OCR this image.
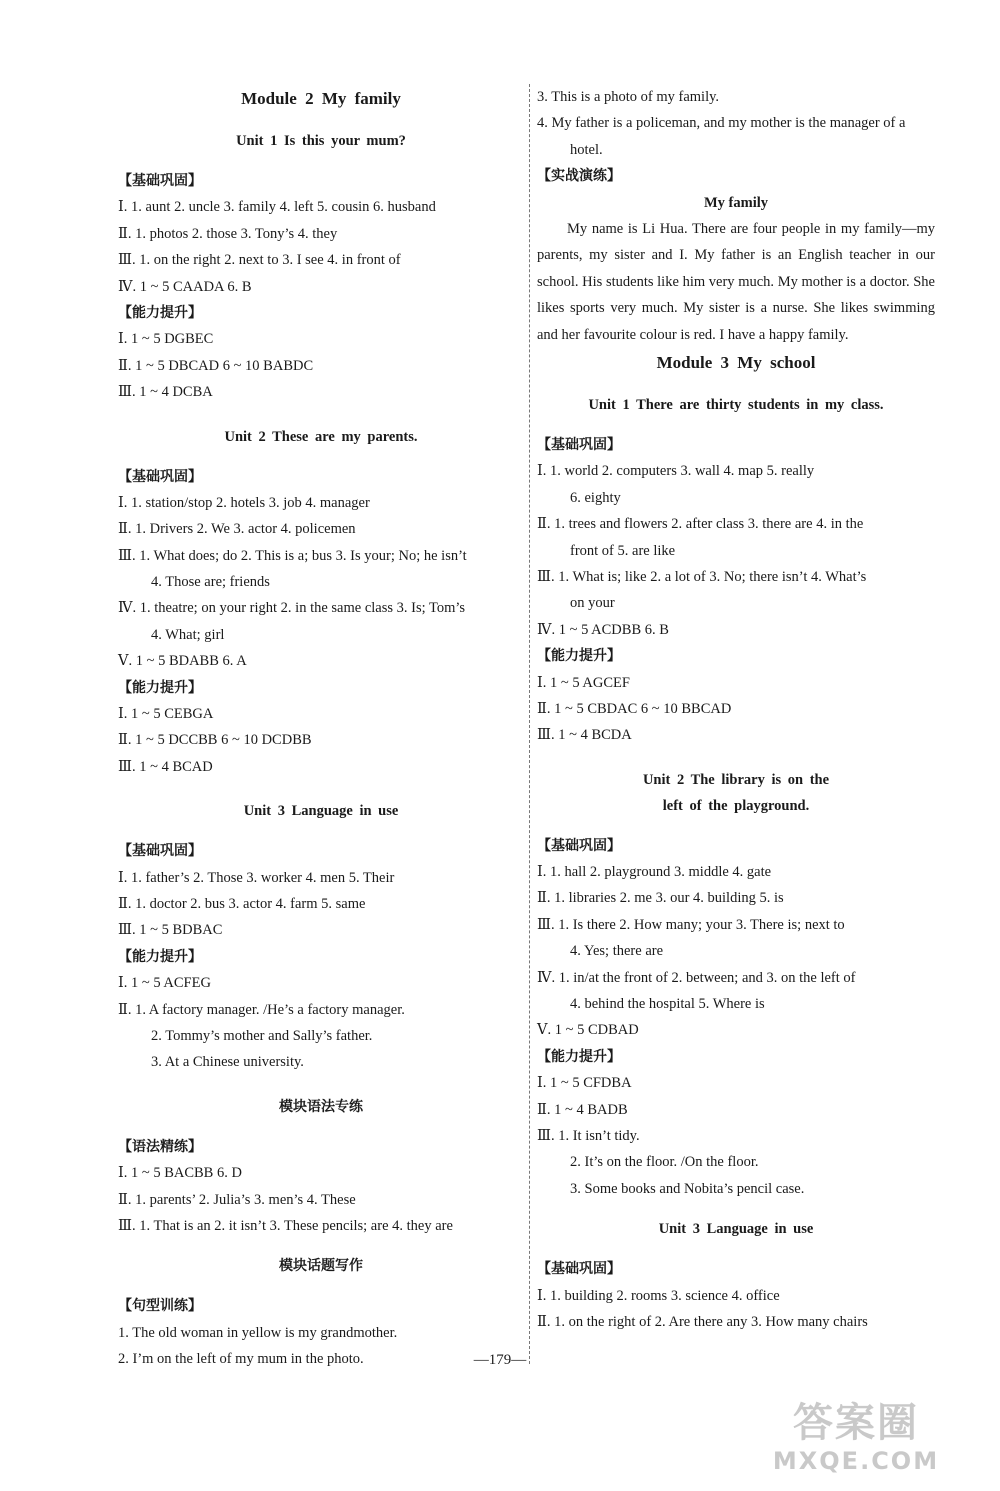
Module 2 My family
Unit 1 Is this your mum?
【基础巩固】
Ⅰ. 1. aunt 2. uncle 3. family 4. left 5. cousin 6. husband
Ⅱ. 1. photos 2. those 3. Tony’s 4. they
Ⅲ. 1. on the right 2. next to 3. I see 4. in front of
Ⅳ. 1 ~ 5 CAADA 6. B
【能力提升】
Ⅰ. 1 ~ 5 DGBEC
Ⅱ. 1 ~ 5 DBCAD 6 ~ 10 BABDC
Ⅲ. 1 ~ 4 DCBA
Unit 2 These are my parents.
【基础巩固】
Ⅰ. 1. station/stop 2. hotels 3. job 4. manager
Ⅱ. 1. Drivers 2. We 3. actor 4. policemen
Ⅲ. 1. What does; do 2. This is a; bus 3. Is your; No; he isn’t
4. Those are; friends
Ⅳ. 1. theatre; on your right 2. in the same class 3. Is; Tom’s
4. What; girl
Ⅴ. 1 ~ 5 BDABB 6. A
【能力提升】
Ⅰ. 1 ~ 5 CEBGA
Ⅱ. 1 ~ 5 DCCBB 6 ~ 10 DCDBB
Ⅲ. 1 ~ 4 BCAD
Unit 3 Language in use
【基础巩固】
Ⅰ. 1. father’s 2. Those 3. worker 4. men 5. Their
Ⅱ. 1. doctor 2. bus 3. actor 4. farm 5. same
Ⅲ. 1 ~ 5 BDBAC
【能力提升】
Ⅰ. 1 ~ 5 ACFEG
Ⅱ. 1. A factory manager. /He’s a factory manager.
2. Tommy’s mother and Sally’s father.
3. At a Chinese university.
模块语法专练
【语法精练】
Ⅰ. 1 ~ 5 BACBB 6. D
Ⅱ. 1. parents’ 2. Julia’s 3. men’s 4. These
Ⅲ. 1. That is an 2. it isn’t 3. These pencils; are 4. they are
模块话题写作
【句型训练】
1. The old woman in yellow is my grandmother.
2. I’m on the left of my mum in the photo.
3. This is a photo of my family.
4. My father is a policeman, and my mother is the manager of a
hotel.
【实战演练】
My family

My name is Li Hua. There are four people in my family—my parents, my sister and I. My father is an English teacher in our school. His students like him very much. My mother is a doctor. She likes sports very much. My sister is a nurse. She likes swimming and her favourite colour is red. I have a happy family.

Module 3 My school
Unit 1 There are thirty students in my class.
【基础巩固】
Ⅰ. 1. world 2. computers 3. wall 4. map 5. really
6. eighty
Ⅱ. 1. trees and flowers 2. after class 3. there are 4. in the
front of 5. are like
Ⅲ. 1. What is; like 2. a lot of 3. No; there isn’t 4. What’s
on your
Ⅳ. 1 ~ 5 ACDBB 6. B
【能力提升】
Ⅰ. 1 ~ 5 AGCEF
Ⅱ. 1 ~ 5 CBDAC 6 ~ 10 BBCAD
Ⅲ. 1 ~ 4 BCDA
Unit 2 The library is on the
left of the playground.
【基础巩固】
Ⅰ. 1. hall 2. playground 3. middle 4. gate
Ⅱ. 1. libraries 2. me 3. our 4. building 5. is
Ⅲ. 1. Is there 2. How many; your 3. There is; next to
4. Yes; there are
Ⅳ. 1. in/at the front of 2. between; and 3. on the left of
4. behind the hospital 5. Where is
Ⅴ. 1 ~ 5 CDBAD
【能力提升】
Ⅰ. 1 ~ 5 CFDBA
Ⅱ. 1 ~ 4 BADB
Ⅲ. 1. It isn’t tidy.
2. It’s on the floor. /On the floor.
3. Some books and Nobita’s pencil case.
Unit 3 Language in use
【基础巩固】
Ⅰ. 1. building 2. rooms 3. science 4. office
Ⅱ. 1. on the right of 2. Are there any 3. How many chairs
—179—
答案圈
MXQE.COM
